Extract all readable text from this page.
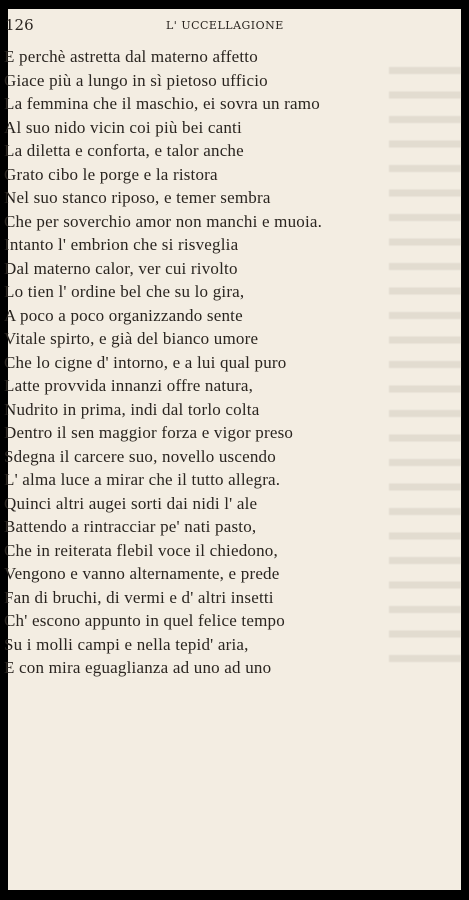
126	L' UCCELLAGIONE
E perchè astretta dal materno affetto
Giace più a lungo in sì pietoso ufficio
La femmina che il maschio, ei sovra un ramo
Al suo nido vicin coi più bei canti
La diletta e conforta, e talor anche
Grato cibo le porge e la ristora
Nel suo stanco riposo, e temer sembra
Che per soverchio amor non manchi e muoia.
Intanto l' embrion che si risveglia
Dal materno calor, ver cui rivolto
Lo tien l' ordine bel che su lo gira,
A poco a poco organizzando sente
Vitale spirto, e già del bianco umore
Che lo cigne d' intorno, e a lui qual puro
Latte provvida innanzi offre natura,
Nudrito in prima, indi dal torlo colta
Dentro il sen maggior forza e vigor preso
Sdegna il carcere suo, novello uscendo
L' alma luce a mirar che il tutto allegra.
Quinci altri augei sorti dai nidi l' ale
Battendo a rintracciar pe' nati pasto,
Che in reiterata flebil voce il chiedono,
Vengono e vanno alternamente, e prede
Fan di bruchi, di vermi e d' altri insetti
Ch' escono appunto in quel felice tempo
Su i molli campi e nella tepid' aria,
E con mira eguaglianza ad uno ad uno
